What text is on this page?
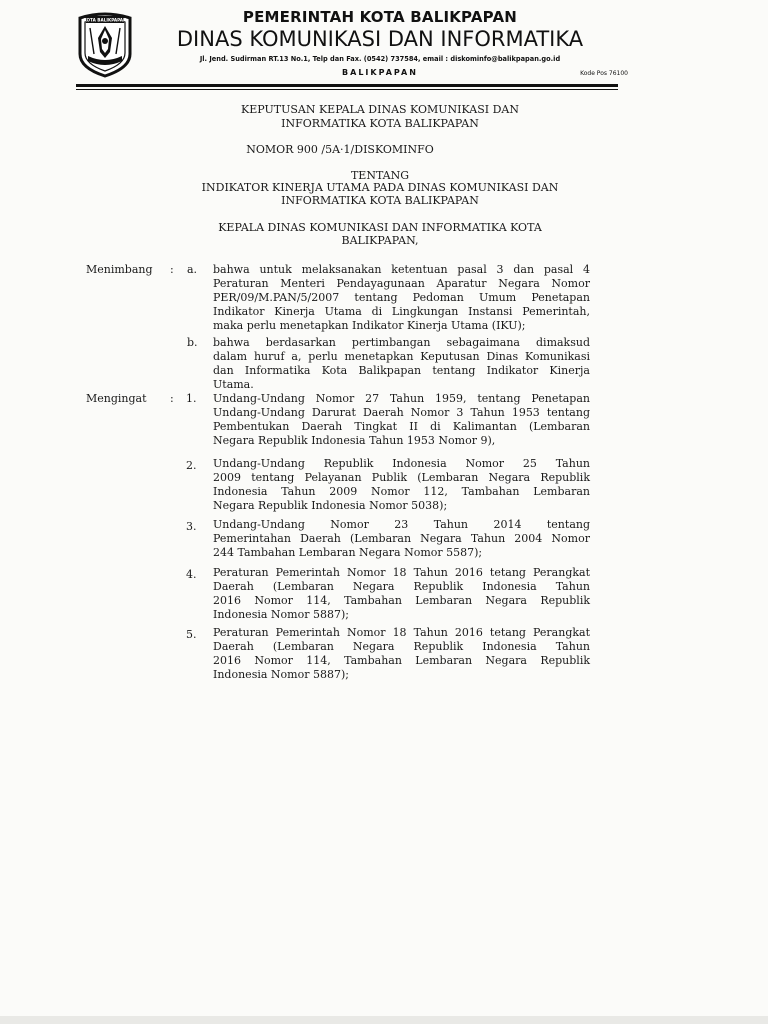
KOTA BALIKPAPAN	PEMERINTAH KOTA BALIKPAPAN
DINAS KOMUNIKASI DAN INFORMATIKA
Jl. Jend. Sudirman RT.13 No.1, Telp dan Fax. (0542) 737584, email : diskominfo@balikpapan.go.id
BALIKPAPAN	Kode Pos 76100
KEPUTUSAN KEPALA DINAS KOMUNIKASI DAN
INFORMATIKA KOTA BALIKPAPAN
NOMOR 900 /5A·1/DISKOMINFO
TENTANG
INDIKATOR KINERJA UTAMA PADA DINAS KOMUNIKASI DAN
INFORMATIKA KOTA BALIKPAPAN
KEPALA DINAS KOMUNIKASI DAN INFORMATIKA KOTA
BALIKPAPAN,
Menimbang : a. bahwa untuk melaksanakan ketentuan pasal 3 dan pasal 4
Peraturan Menteri Pendayagunaan Aparatur Negara Nomor
PER/09/M.PAN/5/2007 tentang Pedoman Umum Penetapan
Indikator Kinerja Utama di Lingkungan Instansi Pemerintah,
maka perlu menetapkan Indikator Kinerja Utama (IKU);
b. bahwa berdasarkan pertimbangan sebagaimana dimaksud
dalam huruf a, perlu menetapkan Keputusan Dinas Komunikasi
dan Informatika Kota Balikpapan tentang Indikator Kinerja
Utama.
Mengingat : 1. Undang-Undang Nomor 27 Tahun 1959, tentang Penetapan
Undang-Undang Darurat Daerah Nomor 3 Tahun 1953 tentang
Pembentukan Daerah Tingkat II di Kalimantan (Lembaran
Negara Republik Indonesia Tahun 1953 Nomor 9),
2. Undang-Undang Republik Indonesia Nomor 25 Tahun
2009 tentang Pelayanan Publik (Lembaran Negara Republik
Indonesia Tahun 2009 Nomor 112, Tambahan Lembaran
Negara Republik Indonesia Nomor 5038);
3. Undang-Undang Nomor 23 Tahun 2014 tentang
Pemerintahan Daerah (Lembaran Negara Tahun 2004 Nomor
244 Tambahan Lembaran Negara Nomor 5587);
4. Peraturan Pemerintah Nomor 18 Tahun 2016 tetang Perangkat
Daerah (Lembaran Negara Republik Indonesia Tahun
2016 Nomor 114, Tambahan Lembaran Negara Republik
Indonesia Nomor 5887);
5. Peraturan Pemerintah Nomor 18 Tahun 2016 tetang Perangkat
Daerah (Lembaran Negara Republik Indonesia Tahun
2016 Nomor 114, Tambahan Lembaran Negara Republik
Indonesia Nomor 5887);
